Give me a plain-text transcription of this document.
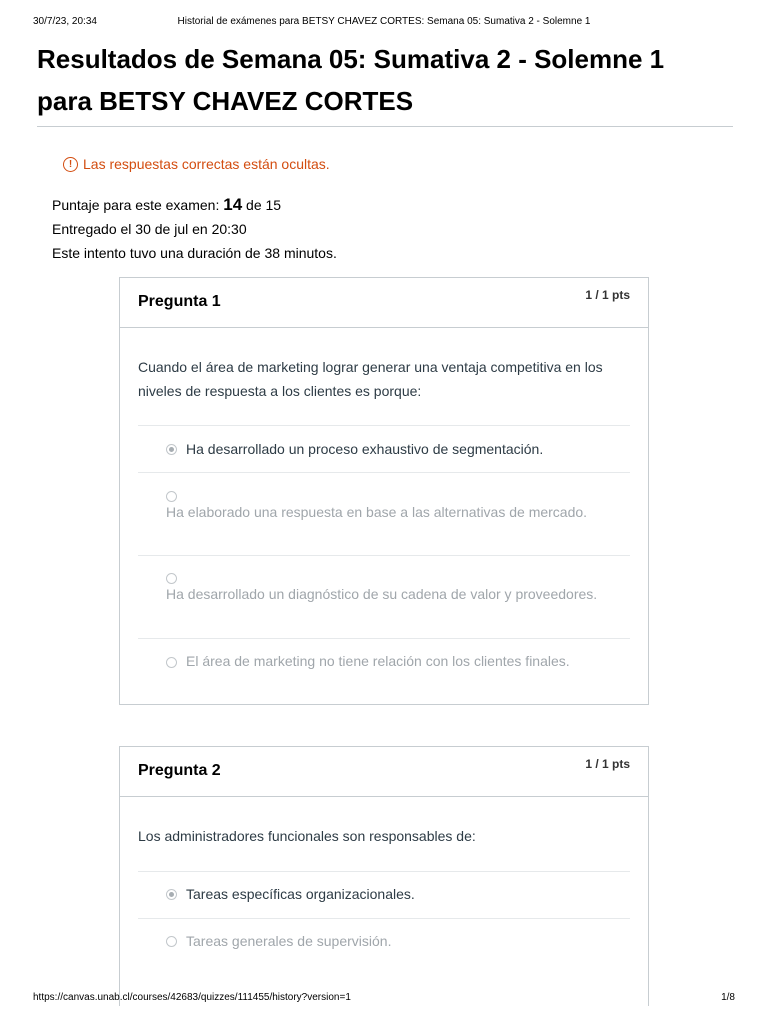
30/7/23, 20:34	Historial de exámenes para BETSY CHAVEZ CORTES: Semana 05: Sumativa 2 - Solemne 1
Resultados de Semana 05: Sumativa 2 - Solemne 1
para BETSY CHAVEZ CORTES
! Las respuestas correctas están ocultas.
Puntaje para este examen: 14 de 15
Entregado el 30 de jul en 20:30
Este intento tuvo una duración de 38 minutos.
Pregunta 1	1 / 1 pts

Cuando el área de marketing lograr generar una ventaja competitiva en los niveles de respuesta a los clientes es porque:

Ha desarrollado un proceso exhaustivo de segmentación.
Ha elaborado una respuesta en base a las alternativas de mercado.
Ha desarrollado un diagnóstico de su cadena de valor y proveedores.
El área de marketing no tiene relación con los clientes finales.
Pregunta 2	1 / 1 pts

Los administradores funcionales son responsables de:

Tareas específicas organizacionales.
Tareas generales de supervisión.
https://canvas.unab.cl/courses/42683/quizzes/111455/history?version=1	1/8
